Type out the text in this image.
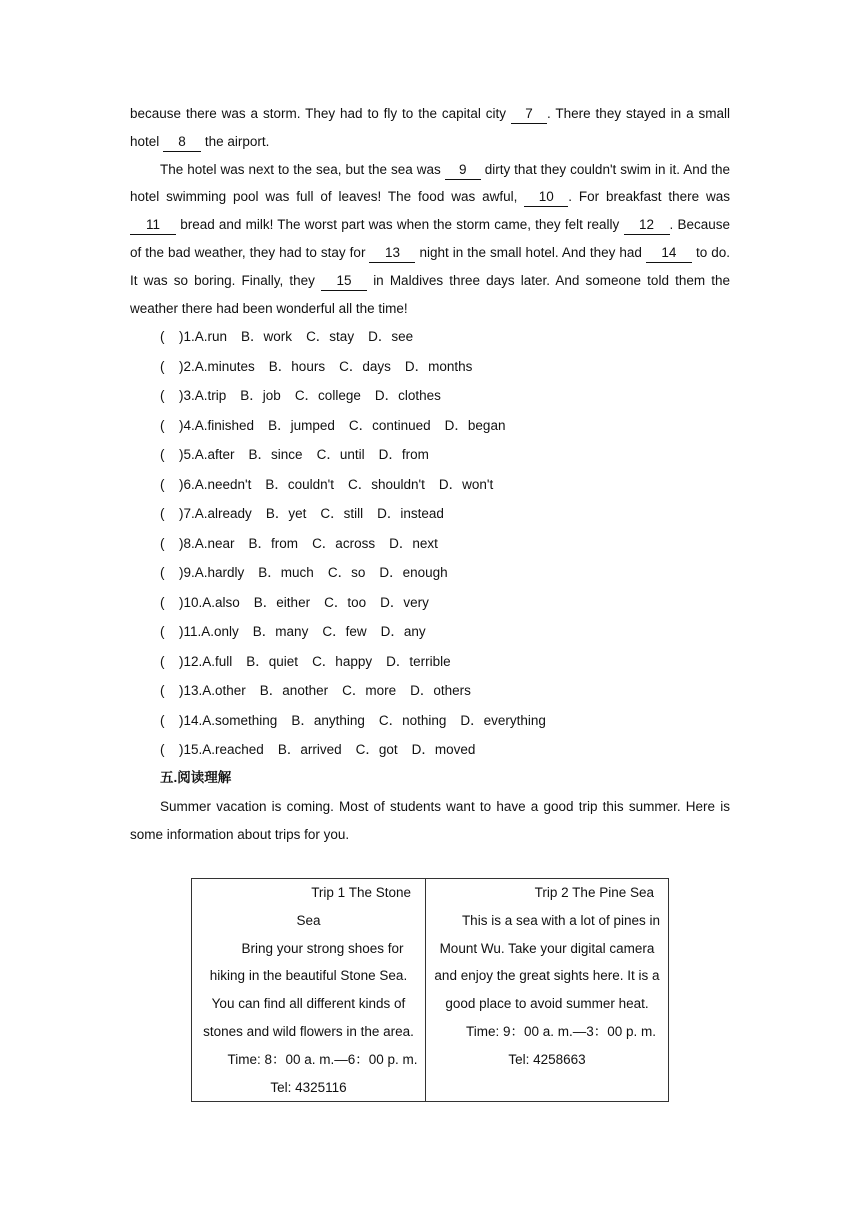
because there was a storm. They had to fly to the capital city 7 . There they stayed in a small hotel 8 the airport.

The hotel was next to the sea, but the sea was 9 dirty that they couldn't swim in it. And the hotel swimming pool was full of leaves! The food was awful, 10 . For breakfast there was 11 bread and milk! The worst part was when the storm came, they felt really 12 . Because of the bad weather, they had to stay for 13 night in the small hotel. And they had 14 to do. It was so boring. Finally, they 15 in Maldives three days later. And someone told them the weather there had been wonderful all the time!

( )1.A.run B．work C．stay D．see
( )2.A.minutes B．hours C．days D．months
( )3.A.trip B．job C．college D．clothes
( )4.A.finished B．jumped C．continued D．began
( )5.A.after B．since C．until D．from
( )6.A.needn't B．couldn't C．shouldn't D．won't
( )7.A.already B．yet C．still D．instead
( )8.A.near B．from C．across D．next
( )9.A.hardly B．much C．so D．enough
( )10.A.also B．either C．too D．very
( )11.A.only B．many C．few D．any
( )12.A.full B．quiet C．happy D．terrible
( )13.A.other B．another C．more D．others
( )14.A.something B．anything C．nothing D．everything
( )15.A.reached B．arrived C．got D．moved
五.阅读理解

Summer vacation is coming. Most of students want to have a good trip this summer. Here is some information about trips for you.

Trip 1 The Stone
Sea
Bring your strong shoes for hiking in the beautiful Stone Sea. You can find all different kinds of stones and wild flowers in the area.
Time: 8：00 a. m.—6：00 p. m.
Tel: 4325116

Trip 2 The Pine Sea
This is a sea with a lot of pines in Mount Wu. Take your digital camera and enjoy the great sights here. It is a good place to avoid summer heat.
Time: 9：00 a. m.—3：00 p. m.
Tel: 4258663
